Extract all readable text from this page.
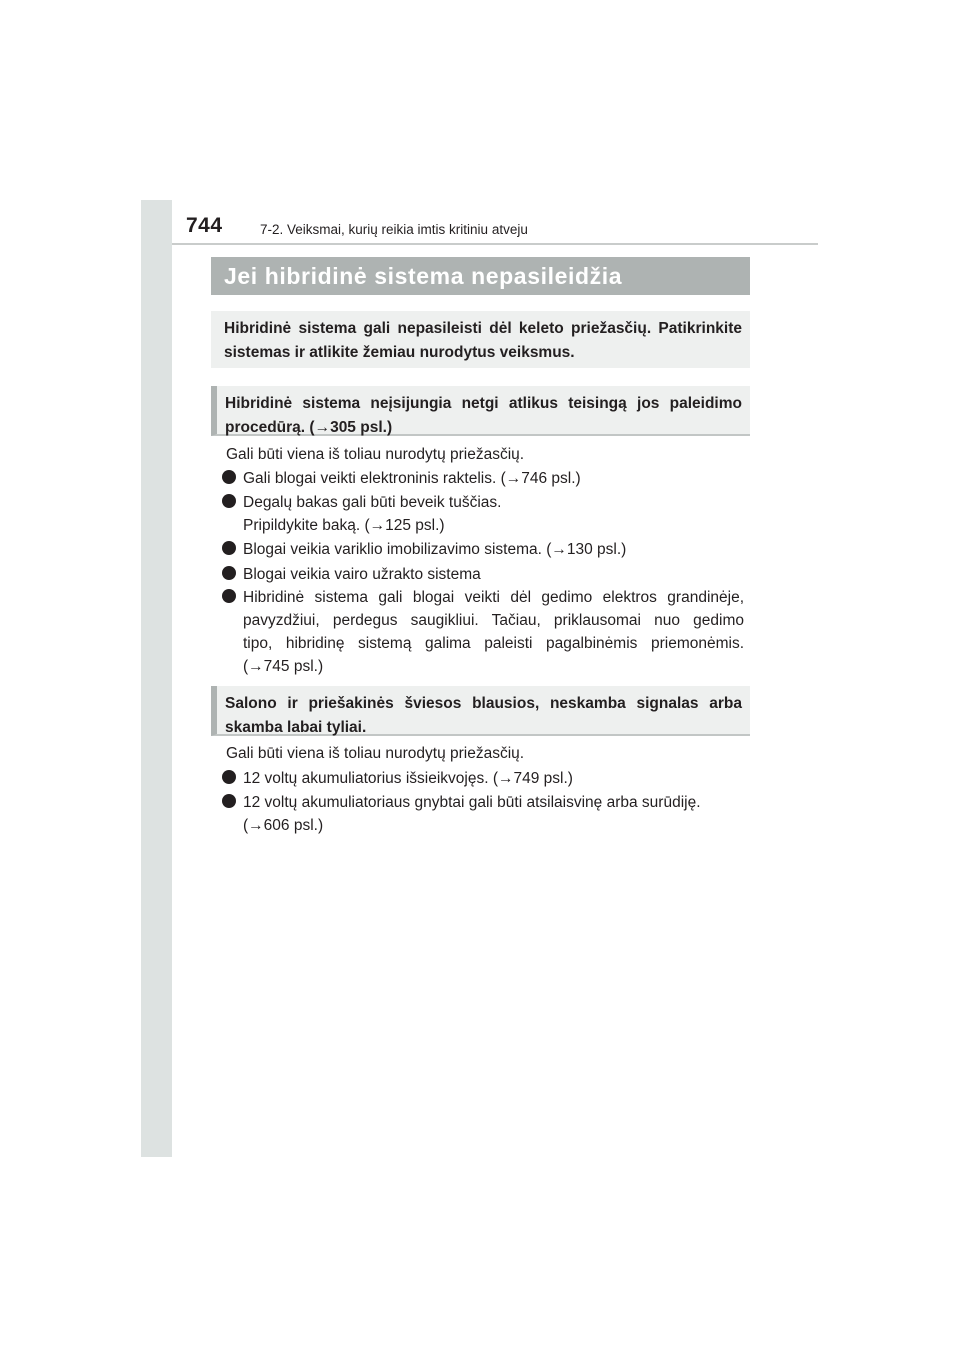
744	7-2. Veiksmai, kurių reikia imtis kritiniu atveju
Jei hibridinė sistema nepasileidžia
Hibridinė sistema gali nepasileisti dėl keleto priežasčių. Patikrinkite sistemas ir atlikite žemiau nurodytus veiksmus.
Hibridinė sistema neįsijungia netgi atlikus teisingą jos paleidimo procedūrą. (→305 psl.)
Gali būti viena iš toliau nurodytų priežasčių.
Gali blogai veikti elektroninis raktelis. (→746 psl.)
Degalų bakas gali būti beveik tuščias.
Pripildykite baką. (→125 psl.)
Blogai veikia variklio imobilizavimo sistema. (→130 psl.)
Blogai veikia vairo užrakto sistema
Hibridinė sistema gali blogai veikti dėl gedimo elektros grandinėje,
pavyzdžiui, perdegus saugikliui. Tačiau, priklausomai nuo gedimo
tipo, hibridinę sistemą galima paleisti pagalbinėmis priemonėmis.
(→745 psl.)
Salono ir priešakinės šviesos blausios, neskamba signalas arba skamba labai tyliai.
Gali būti viena iš toliau nurodytų priežasčių.
12 voltų akumuliatorius išsieikvojęs. (→749 psl.)
12 voltų akumuliatoriaus gnybtai gali būti atsilaisvinę arba surūdiję.
(→606 psl.)
